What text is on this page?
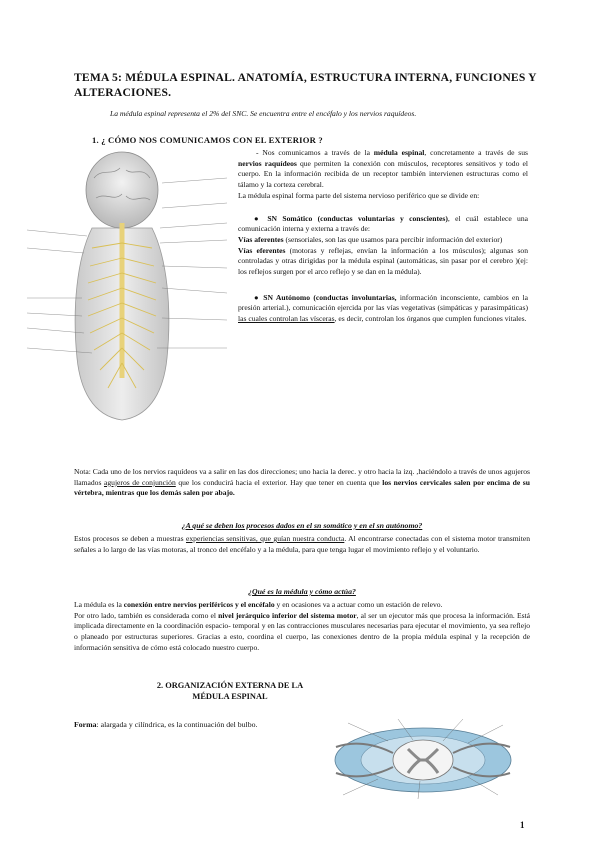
TEMA 5: MÉDULA ESPINAL. ANATOMÍA, ESTRUCTURA INTERNA, FUNCIONES Y ALTERACIONES.
La médula espinal representa el 2% del SNC. Se encuentra entre el encéfalo y los nervios raquídeos.
1. ¿ CÓMO NOS COMUNICAMOS CON EL EXTERIOR ?

- Nos comunicamos a través de la médula espinal, concretamente a través de sus nervios raquídeos que permiten la conexión con músculos, receptores sensitivos y todo el cuerpo. En la información recibida de un receptor también intervienen estructuras como el tálamo y la corteza cerebral.

La médula espinal forma parte del sistema nervioso periférico que se divide en:

● SN Somático (conductas voluntarias y conscientes), el cuál establece una comunicación interna y externa a través de:

Vías aferentes (sensoriales, son las que usamos para percibir información del exterior)

Vías eferentes (motoras y reflejas, envían la información a los músculos); algunas son controladas y otras dirigidas por la médula espinal (automáticas, sin pasar por el cerebro )(ej: los reflejos surgen por el arco reflejo y se dan en la médula).

● SN Autónomo (conductas involuntarias, información inconsciente, cambios en la presión arterial.), comunicación ejercida por las vías vegetativas (simpáticas y parasimpáticas) las cuales controlan las vísceras, es decir, controlan los órganos que cumplen funciones vitales.

Nota: Cada uno de los nervios raquídeos va a salir en las dos direcciones; uno hacia la derec. y otro hacia la izq. ,haciéndolo a través de unos agujeros llamados agujeros de conjunción que los conducirá hacia el exterior. Hay que tener en cuenta que los nervios cervicales salen por encima de su vértebra, mientras que los demás salen por abajo.

¿A qué se deben los procesos dados en el sn somático y en el sn autónomo?

Estos procesos se deben a muestras experiencias sensitivas, que guían nuestra conducta. Al encontrarse conectadas con el sistema motor transmiten señales a lo largo de las vías motoras, al tronco del encéfalo y a la médula, para que tenga lugar el movimiento reflejo y el voluntario.

¿Qué es la médula y cómo actúa?

La médula es la conexión entre nervios periféricos y el encéfalo y en ocasiones va a actuar como un estación de relevo.

Por otro lado, también es considerada como el nivel jerárquico inferior del sistema motor, al ser un ejecutor más que procesa la información. Está implicada directamente en la coordinación espacio- temporal y en las contracciones musculares necesarias para ejecutar el movimiento, ya sea reflejo o planeado por estructuras superiores. Gracias a esto, coordina el cuerpo, las conexiones dentro de la propia médula espinal y la recepción de información sensitiva de cómo está colocado nuestro cuerpo.

2. ORGANIZACIÓN EXTERNA DE LA MÉDULA ESPINAL
Forma: alargada y cilíndrica, es la continuación del bulbo.
1
